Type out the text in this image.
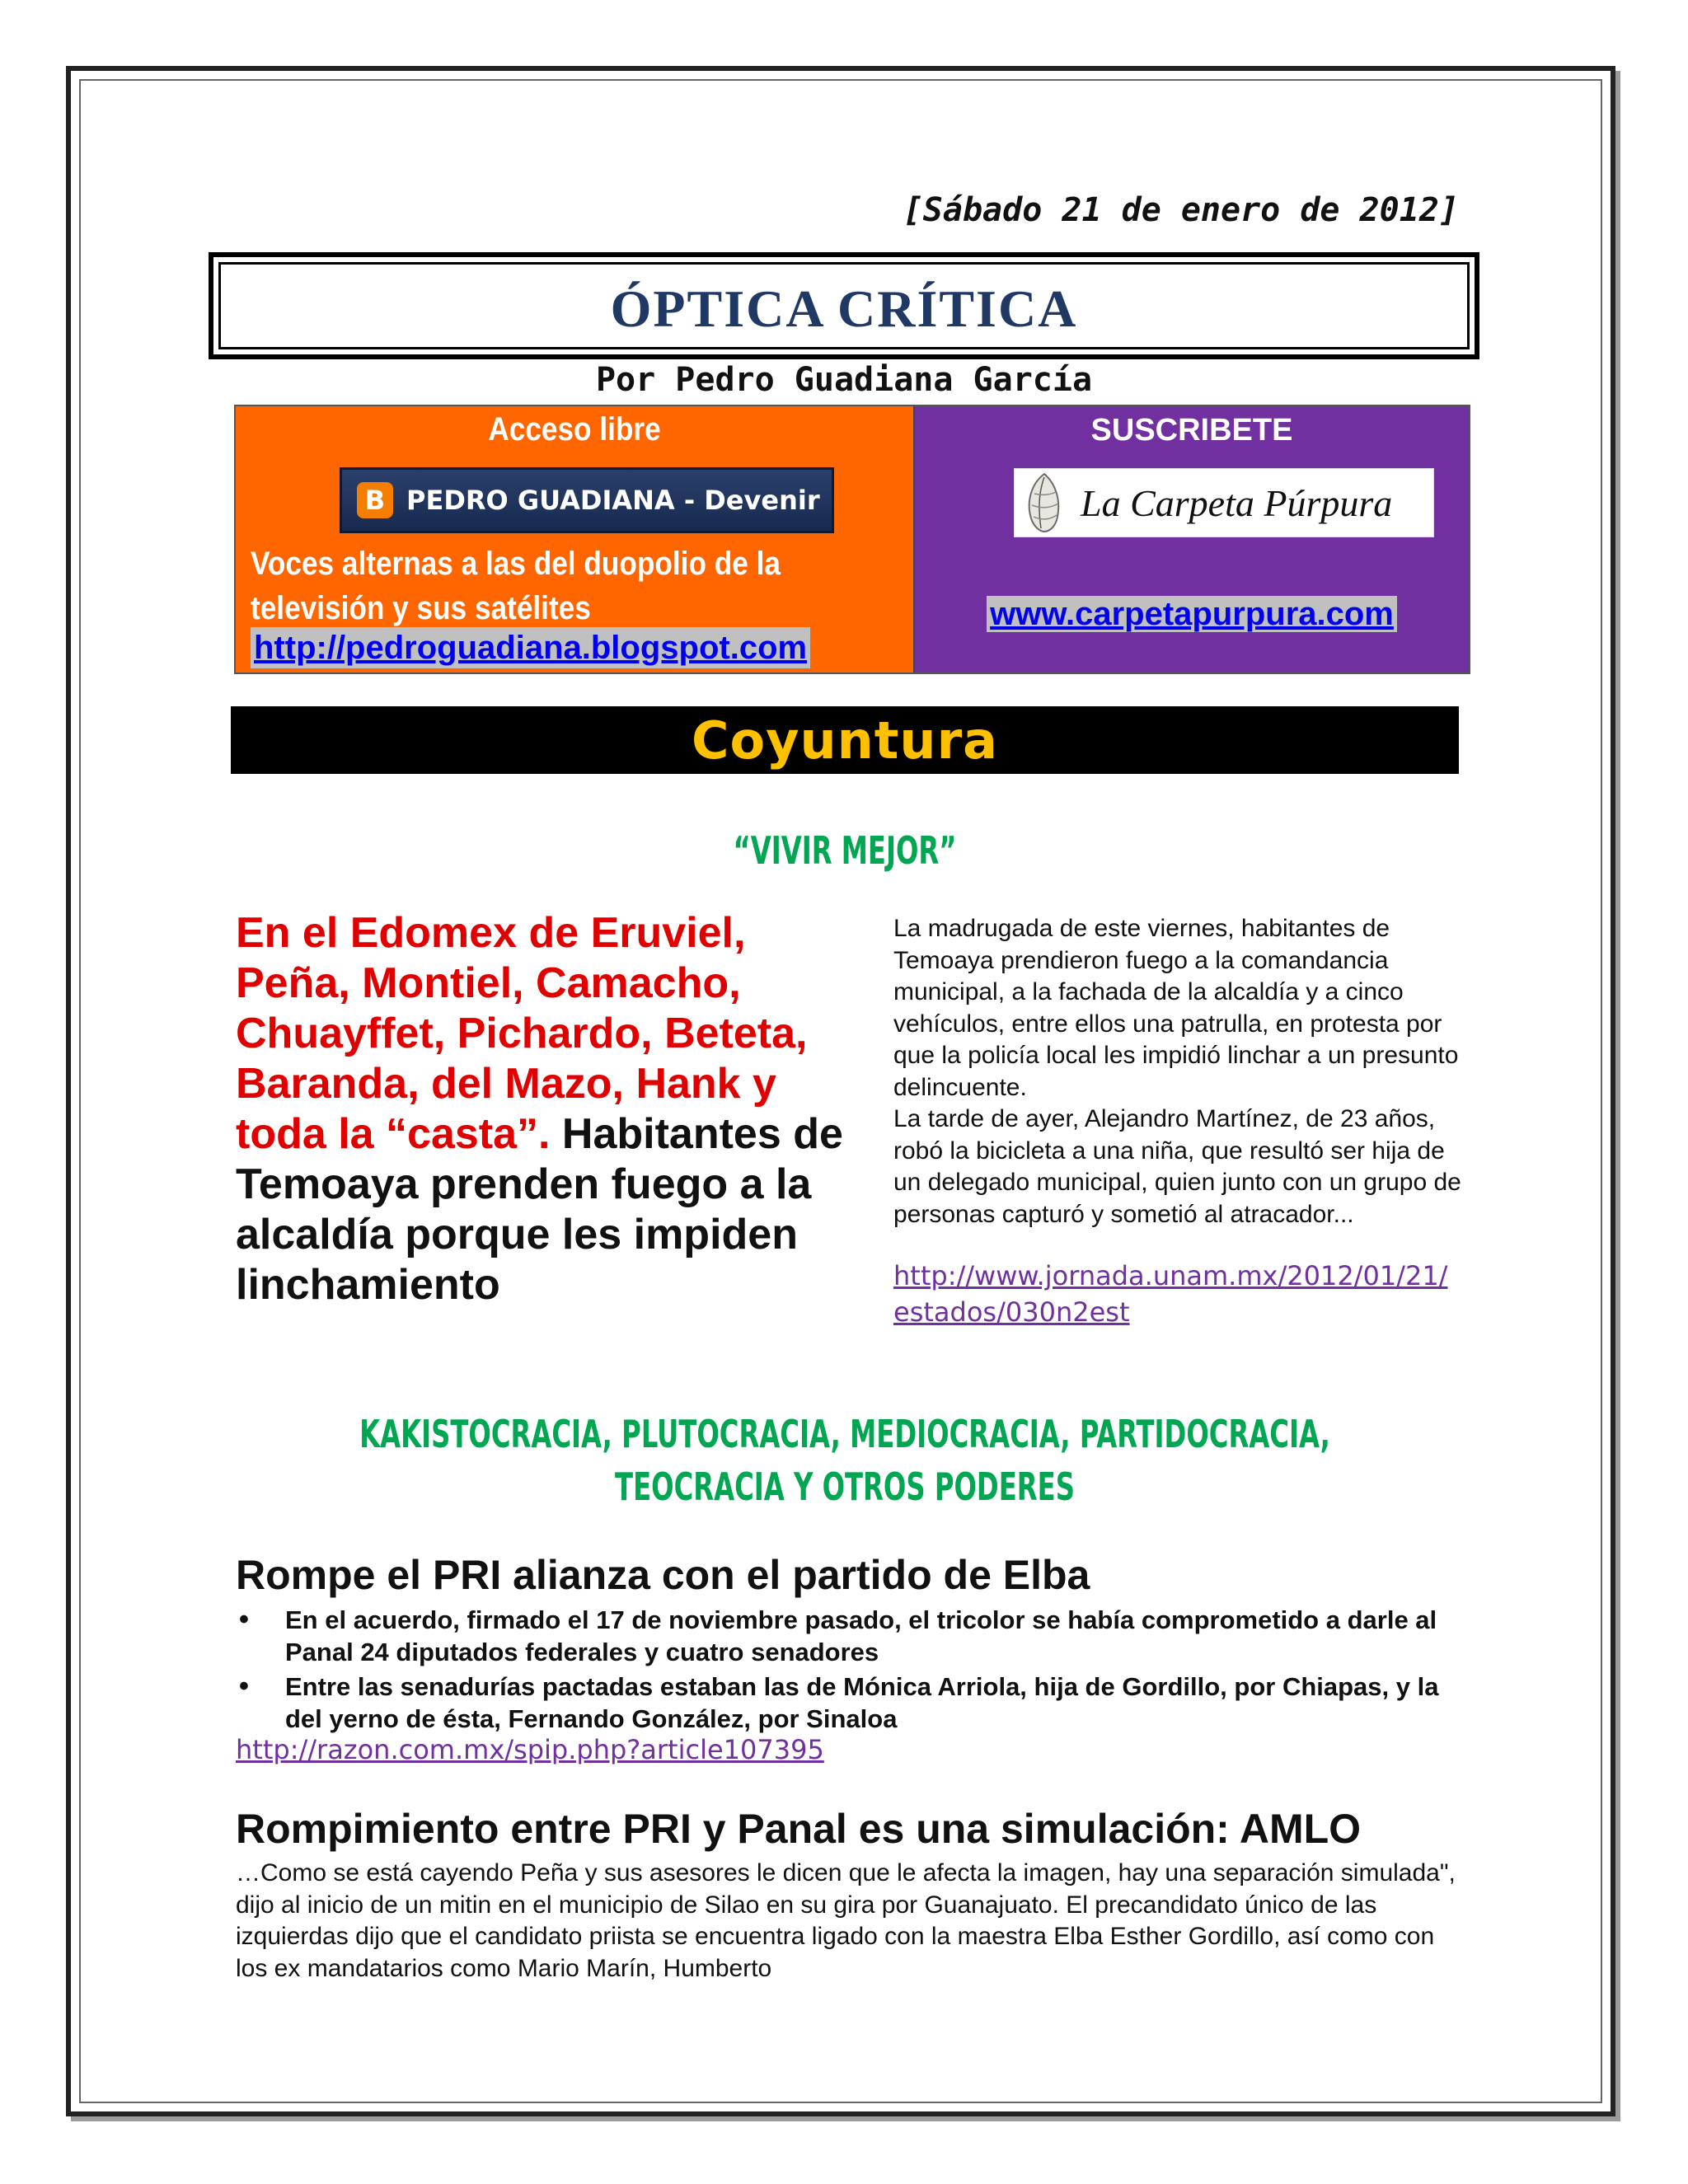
[Sábado 21 de enero de 2012]
ÓPTICA CRÍTICA
Por Pedro Guadiana García
Acceso libre
B PEDRO GUADIANA - Devenir
Voces alternas a las del duopolio de la televisión y sus satélites
http://pedroguadiana.blogspot.com
SUSCRIBETE
La Carpeta Púrpura
www.carpetapurpura.com
Coyuntura
“VIVIR MEJOR”
En el Edomex de Eruviel, Peña, Montiel, Camacho, Chuayffet, Pichardo, Beteta, Baranda, del Mazo, Hank y toda la “casta”. Habitantes de Temoaya prenden fuego a la alcaldía porque les impiden linchamiento
La madrugada de este viernes, habitantes de Temoaya prendieron fuego a la comandancia municipal, a la fachada de la alcaldía y a cinco vehículos, entre ellos una patrulla, en protesta por que la policía local les impidió linchar a un presunto delincuente.
La tarde de ayer, Alejandro Martínez, de 23 años, robó la bicicleta a una niña, que resultó ser hija de un delegado municipal, quien junto con un grupo de personas capturó y sometió al atracador...
http://www.jornada.unam.mx/2012/01/21/estados/030n2est
KAKISTOCRACIA, PLUTOCRACIA, MEDIOCRACIA, PARTIDOCRACIA, TEOCRACIA Y OTROS PODERES
Rompe el PRI alianza con el partido de Elba
• En el acuerdo, firmado el 17 de noviembre pasado, el tricolor se había comprometido a darle al Panal 24 diputados federales y cuatro senadores
• Entre las senadurías pactadas estaban las de Mónica Arriola, hija de Gordillo, por Chiapas, y la del yerno de ésta, Fernando González, por Sinaloa
http://razon.com.mx/spip.php?article107395
Rompimiento entre PRI y Panal es una simulación: AMLO
…Como se está cayendo Peña y sus asesores le dicen que le afecta la imagen, hay una separación simulada", dijo al inicio de un mitin en el municipio de Silao en su gira por Guanajuato. El precandidato único de las izquierdas dijo que el candidato priista se encuentra ligado con la maestra Elba Esther Gordillo, así como con los ex mandatarios como Mario Marín, Humberto
